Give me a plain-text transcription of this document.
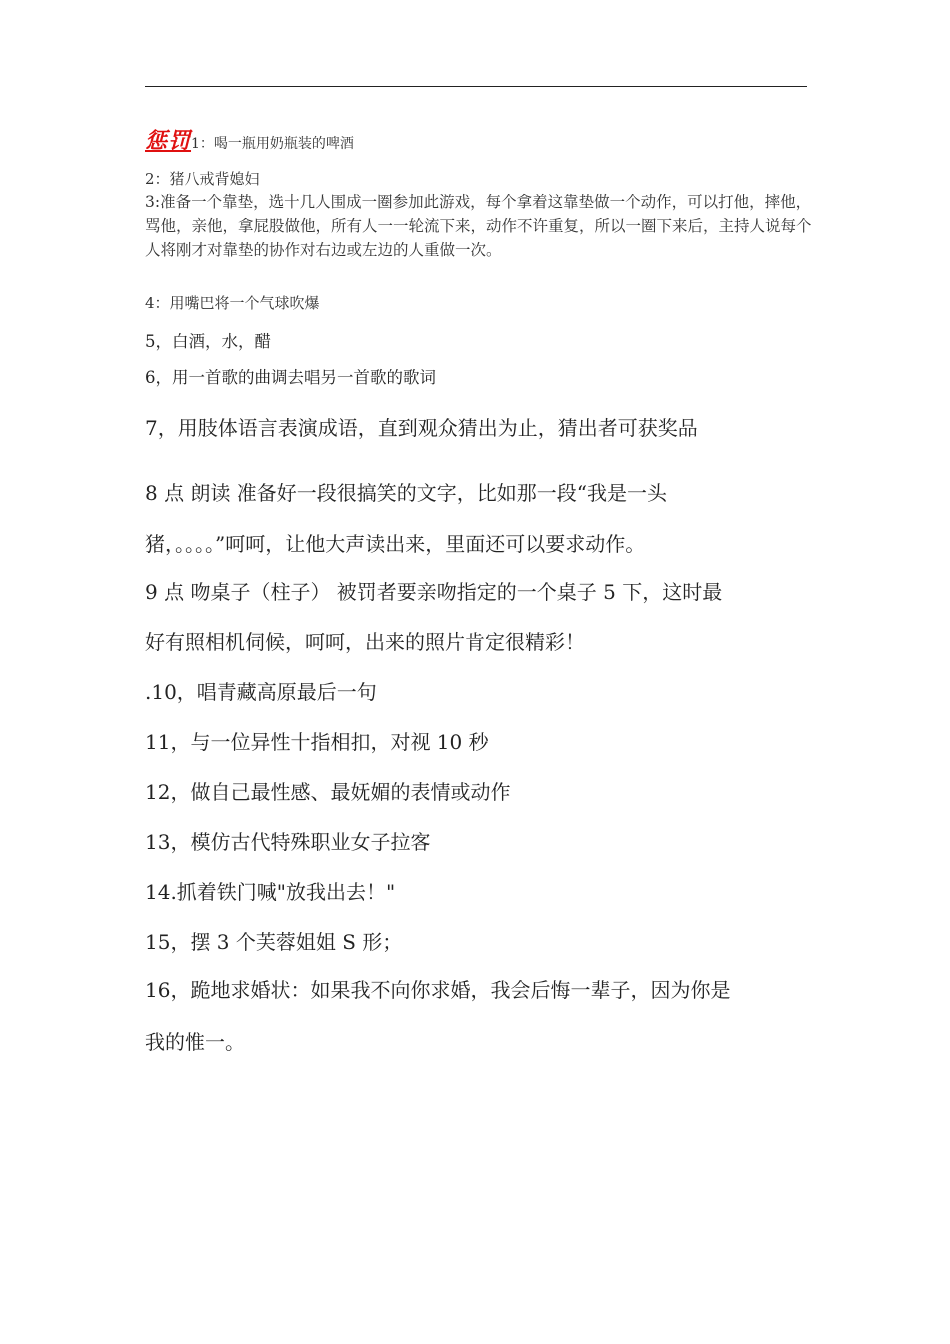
惩罚1：喝一瓶用奶瓶装的啤酒
2：猪八戒背媳妇
3:准备一个靠垫，选十几人围成一圈参加此游戏，每个拿着这靠垫做一个动作，可以打他，摔他，骂他，亲他，拿屁股做他，所有人一一轮流下来，动作不许重复，所以一圈下来后，主持人说每个人将刚才对靠垫的协作对右边或左边的人重做一次。
4：用嘴巴将一个气球吹爆
5，白酒，水，醋
6，用一首歌的曲调去唱另一首歌的歌词
7，用肢体语言表演成语，直到观众猜出为止，猜出者可获奖品
8 点 朗读 准备好一段很搞笑的文字，比如那一段“我是一头
猪，。。。。”呵呵，让他大声读出来，里面还可以要求动作。
9 点 吻桌子（柱子） 被罚者要亲吻指定的一个桌子 5 下，这时最
好有照相机伺候，呵呵，出来的照片肯定很精彩！
.10，唱青藏高原最后一句
11，与一位异性十指相扣，对视 10 秒
12，做自己最性感、最妩媚的表情或动作
13，模仿古代特殊职业女子拉客
14.抓着铁门喊"放我出去！"
15，摆 3 个芙蓉姐姐 S 形；
16，跪地求婚状：如果我不向你求婚，我会后悔一辈子，因为你是
我的惟一。
